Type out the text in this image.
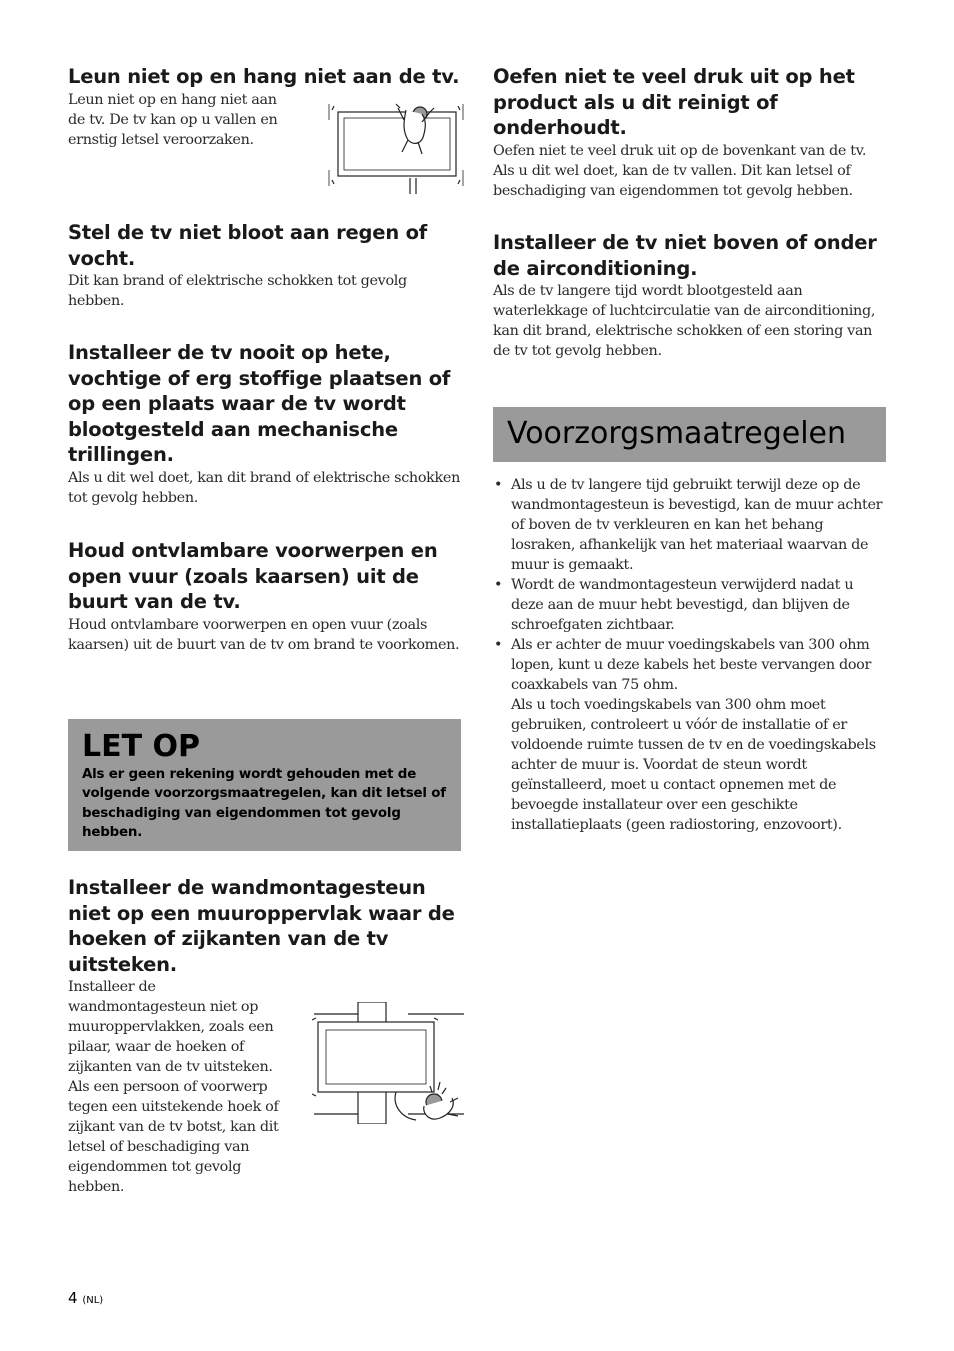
Leun niet op en hang niet aan de tv.

Leun niet op en hang niet aan de tv. De tv kan op u vallen en ernstig letsel veroorzaken.

Stel de tv niet bloot aan regen of vocht.

Dit kan brand of elektrische schokken tot gevolg hebben.

Installeer de tv nooit op hete, vochtige of erg stoffige plaatsen of op een plaats waar de tv wordt blootgesteld aan mechanische trillingen.

Als u dit wel doet, kan dit brand of elektrische schokken tot gevolg hebben.

Houd ontvlambare voorwerpen en open vuur (zoals kaarsen) uit de buurt van de tv.

Houd ontvlambare voorwerpen en open vuur (zoals kaarsen) uit de buurt van de tv om brand te voorkomen.

LET OP
Als er geen rekening wordt gehouden met de volgende voorzorgsmaatregelen, kan dit letsel of beschadiging van eigendommen tot gevolg hebben.
Installeer de wandmontagesteun niet op een muuroppervlak waar de hoeken of zijkanten van de tv uitsteken.

Installeer de wandmontagesteun niet op muuroppervlakken, zoals een pilaar, waar de hoeken of zijkanten van de tv uitsteken. Als een persoon of voorwerp tegen een uitstekende hoek of zijkant van de tv botst, kan dit letsel of beschadiging van eigendommen tot gevolg hebben.

Oefen niet te veel druk uit op het product als u dit reinigt of onderhoudt.

Oefen niet te veel druk uit op de bovenkant van de tv. Als u dit wel doet, kan de tv vallen. Dit kan letsel of beschadiging van eigendommen tot gevolg hebben.

Installeer de tv niet boven of onder de airconditioning.

Als de tv langere tijd wordt blootgesteld aan waterlekkage of luchtcirculatie van de airconditioning, kan dit brand, elektrische schokken of een storing van de tv tot gevolg hebben.

Voorzorgsmaatregelen
• Als u de tv langere tijd gebruikt terwijl deze op de wandmontagesteun is bevestigd, kan de muur achter of boven de tv verkleuren en kan het behang losraken, afhankelijk van het materiaal waarvan de muur is gemaakt.
• Wordt de wandmontagesteun verwijderd nadat u deze aan de muur hebt bevestigd, dan blijven de schroefgaten zichtbaar.
• Als er achter de muur voedingskabels van 300 ohm lopen, kunt u deze kabels het beste vervangen door coaxkabels van 75 ohm.
Als u toch voedingskabels van 300 ohm moet gebruiken, controleert u vóór de installatie of er voldoende ruimte tussen de tv en de voedingskabels achter de muur is. Voordat de steun wordt geïnstalleerd, moet u contact opnemen met de bevoegde installateur over een geschikte installatieplaats (geen radiostoring, enzovoort).
4 (NL)
